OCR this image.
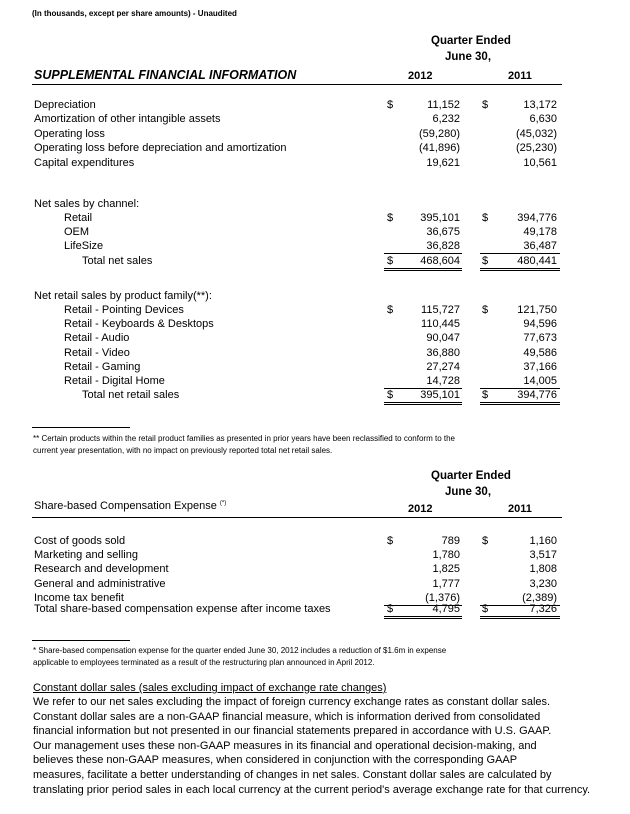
(In thousands, except per share amounts) - Unaudited
Quarter Ended
June 30,
SUPPLEMENTAL FINANCIAL INFORMATION	2012	2011
Depreciation	$	11,152 $	13,172
Amortization of other intangible assets	6,232	6,630
Operating loss	(59,280)	(45,032)
Operating loss before depreciation and amortization	(41,896)	(25,230)
Capital expenditures	19,621	10,561
Net sales by channel:
Retail	$ 395,101 $	394,776
OEM	36,675	49,178
LifeSize	36,828	36,487
Total net sales	$ 468,604 $	480,441
Net retail sales by product family(**):
Retail - Pointing Devices	$	115,727 $	121,750
Retail - Keyboards & Desktops	110,445	94,596
Retail - Audio	90,047	77,673
Retail - Video	36,880	49,586
Retail - Gaming	27,274	37,166
Retail - Digital Home	14,728	14,005
Total net retail sales	$ 395,101 $	394,776
** Certain products within the retail product families as presented in prior years have been reclassified to conform to the
current year presentation, with no impact on previously reported total net retail sales.
Quarter Ended
June 30,
Share-based Compensation Expense (*)	2012	2011
Cost of goods sold	$	789 $	1,160
Marketing and selling	1,780	3,517
Research and development	1,825	1,808
General and administrative	1,777	3,230
Income tax benefit	(1,376)	(2,389)
Total share-based compensation expense after income taxes	$	4,795 $	7,326
* Share-based compensation expense for the quarter ended June 30, 2012 includes a reduction of $1.6m in expense
applicable to employees terminated as a result of the restructuring plan announced in April 2012.
Constant dollar sales (sales excluding impact of exchange rate changes)
We refer to our net sales excluding the impact of foreign currency exchange rates as constant dollar sales.
Constant dollar sales are a non-GAAP financial measure, which is information derived from consolidated
financial information but not presented in our financial statements prepared in accordance with U.S. GAAP.
Our management uses these non-GAAP measures in its financial and operational decision-making, and
believes these non-GAAP measures, when considered in conjunction with the corresponding GAAP
measures, facilitate a better understanding of changes in net sales. Constant dollar sales are calculated by
translating prior period sales in each local currency at the current period's average exchange rate for that currency.
